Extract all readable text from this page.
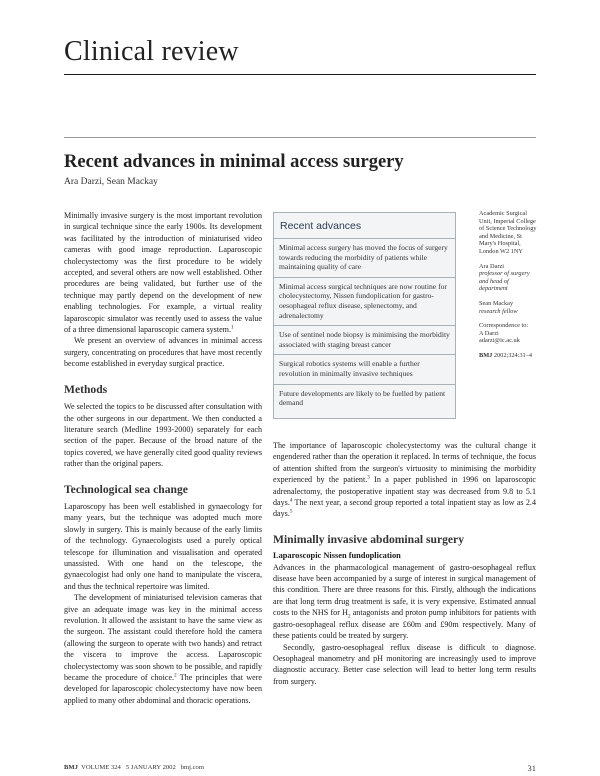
Clinical review
Recent advances in minimal access surgery
Ara Darzi, Sean Mackay

Minimally invasive surgery is the most important revolution in surgical technique since the early 1900s. Its development was facilitated by the introduction of miniaturised video cameras with good image reproduction. Laparoscopic cholecystectomy was the first procedure to be widely accepted, and several others are now well established. Other procedures are being validated, but further use of the technique may partly depend on the development of new enabling technologies. For example, a virtual reality laparoscopic simulator was recently used to assess the value of a three dimensional laparoscopic camera system.$^1$

We present an overview of advances in minimal access surgery, concentrating on procedures that have most recently become established in everyday surgical practice.

Methods

We selected the topics to be discussed after consultation with the other surgeons in our department. We then conducted a literature search (Medline 1993-2000) separately for each section of the paper. Because of the broad nature of the topics covered, we have generally cited good quality reviews rather than the original papers.

Technological sea change

Laparoscopy has been well established in gynaecology for many years, but the technique was adopted much more slowly in surgery. This is mainly because of the early limits of the technology. Gynaecologists used a purely optical telescope for illumination and visualisation and operated unassisted. With one hand on the telescope, the gynaecologist had only one hand to manipulate the viscera, and thus the technical repertoire was limited.

The development of miniaturised television cameras that give an adequate image was key in the minimal access revolution. It allowed the assistant to have the same view as the surgeon. The assistant could therefore hold the camera (allowing the surgeon to operate with two hands) and retract the viscera to improve the access. Laparoscopic cholecystectomy was soon shown to be possible, and rapidly became the procedure of choice.$^2$ The principles that were developed for laparoscopic cholecystectomy have now been applied to many other abdominal and thoracic operations.

Recent advances
Minimal access surgery has moved the focus of surgery towards reducing the morbidity of patients while maintaining quality of care
Minimal access surgical techniques are now routine for cholecystectomy, Nissen fundoplication for gastro-oesophageal reflux disease, splenectomy, and adrenalectomy
Use of sentinel node biopsy is minimising the morbidity associated with staging breast cancer
Surgical robotics systems will enable a further revolution in minimally invasive techniques
Future developments are likely to be fuelled by patient demand
Academic Surgical Unit, Imperial College of Science Technology and Medicine, St Mary's Hospital, London W2 1NY
Ara Darzi
professor of surgery and head of department
Sean Mackay
research fellow
Correspondence to:
A Darzi
adarzi@ic.ac.uk
BMJ 2002;324:31–4

The importance of laparoscopic cholecystectomy was the cultural change it engendered rather than the operation it replaced. In terms of technique, the focus of attention shifted from the surgeon's virtuosity to minimising the morbidity experienced by the patient.$^3$ In a paper published in 1996 on laparoscopic adrenalectomy, the postoperative inpatient stay was decreased from 9.8 to 5.1 days.$^4$ The next year, a second group reported a total inpatient stay as low as 2.4 days.$^5$

Minimally invasive abdominal surgery
Laparoscopic Nissen fundoplication

Advances in the pharmacological management of gastro-oesophageal reflux disease have been accompanied by a surge of interest in surgical management of this condition. There are three reasons for this. Firstly, although the indications are that long term drug treatment is safe, it is very expensive. Estimated annual costs to the NHS for $H_2$ antagonists and proton pump inhibitors for patients with gastro-oesophageal reflux disease are £60m and £90m respectively. Many of these patients could be treated by surgery.

Secondly, gastro-oesophageal reflux disease is difficult to diagnose. Oesophageal manometry and pH monitoring are increasingly used to improve diagnostic accuracy. Better case selection will lead to better long term results from surgery.

BMJ VOLUME 324 5 JANUARY 2002 bmj.com	31
